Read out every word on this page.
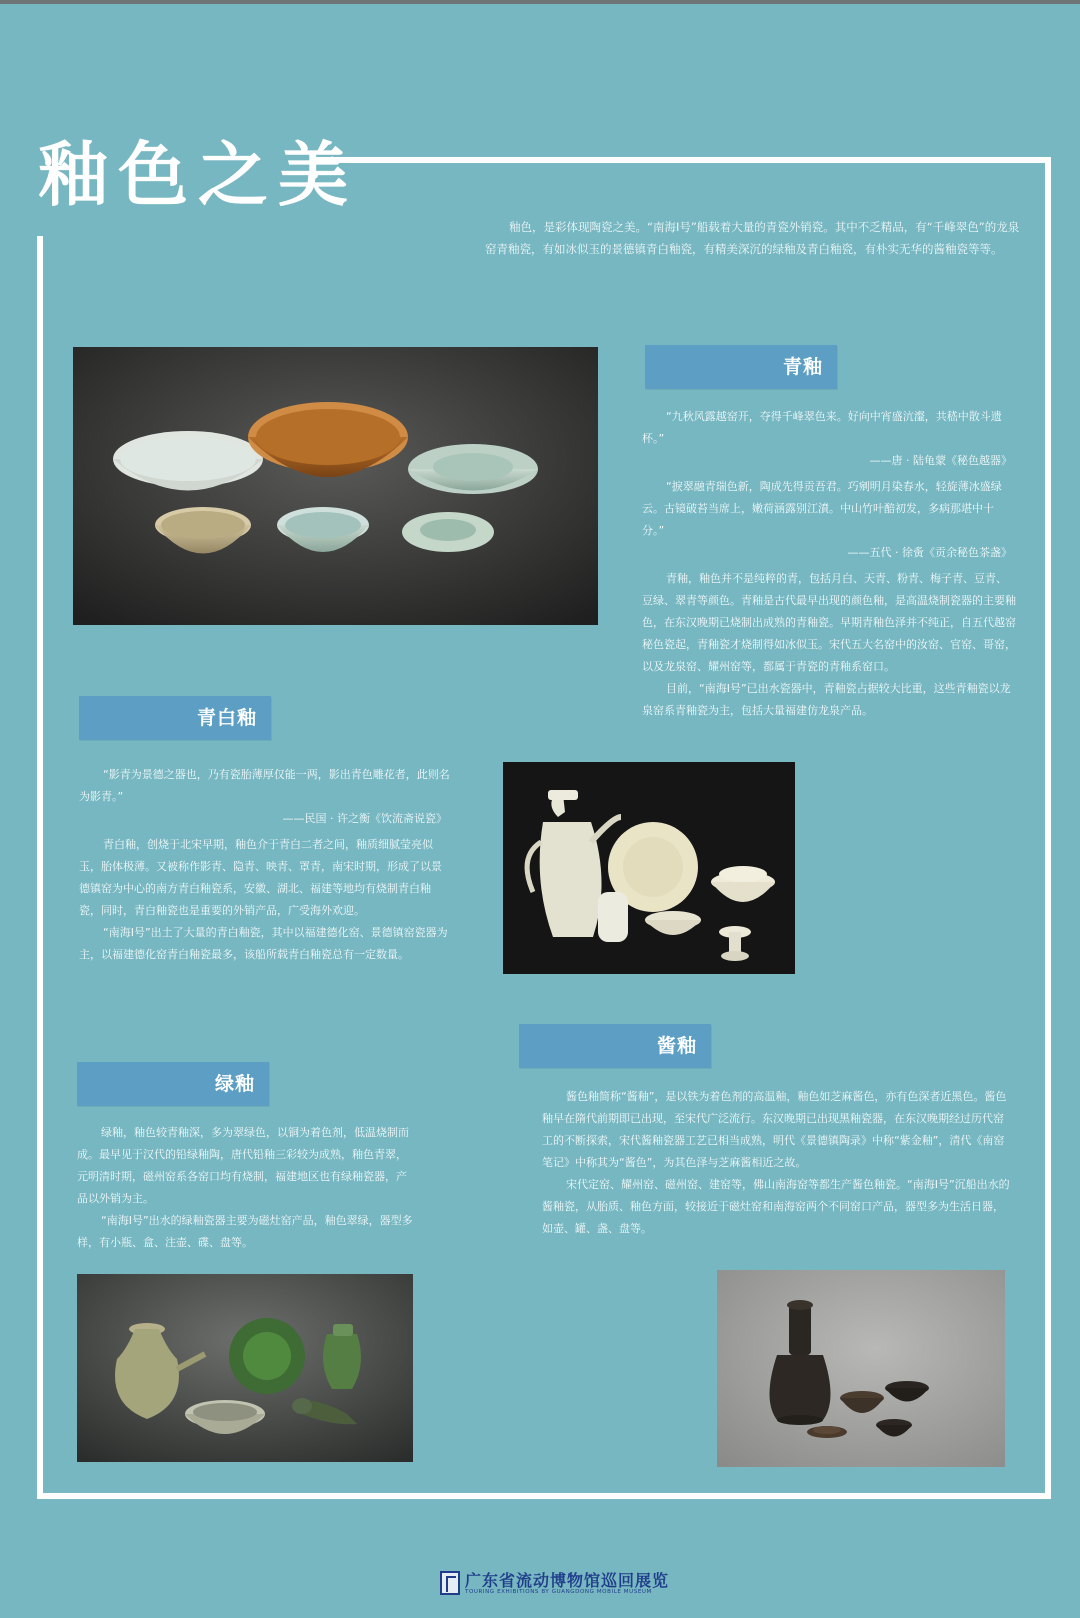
釉色之美

釉色，是彩体现陶瓷之美。“南海Ⅰ号”船载着大量的青瓷外销瓷。其中不乏精品，有“千峰翠色”的龙泉窑青釉瓷，有如冰似玉的景德镇青白釉瓷，有精美深沉的绿釉及青白釉瓷，有朴实无华的酱釉瓷等等。

青釉

“九秋风露越窑开，夺得千峰翠色来。好向中宵盛沆瀣，共嵇中散斗遗杯。”

——唐 · 陆龟蒙《秘色越器》

“捩翠融青瑞色新，陶成先得贡吾君。巧剜明月染春水，轻旋薄冰盛绿云。古镜破苔当席上，嫩荷涵露别江濆。中山竹叶醅初发，多病那堪中十分。”

——五代 · 徐夤《贡余秘色茶盏》

青釉，釉色并不是纯粹的青，包括月白、天青、粉青、梅子青、豆青、豆绿、翠青等颜色。青釉是古代最早出现的颜色釉，是高温烧制瓷器的主要釉色，在东汉晚期已烧制出成熟的青釉瓷。早期青釉色泽并不纯正，自五代越窑秘色瓷起，青釉瓷才烧制得如冰似玉。宋代五大名窑中的汝窑、官窑、哥窑，以及龙泉窑、耀州窑等，都属于青瓷的青釉系窑口。

目前，“南海Ⅰ号”已出水瓷器中，青釉瓷占据较大比重，这些青釉瓷以龙泉窑系青釉瓷为主，包括大量福建仿龙泉产品。

青白釉

“影青为景德之器也，乃有瓷胎薄厚仅能一两，影出青色雕花者，此则名为影青。”

——民国 · 许之衡《饮流斋说瓷》

青白釉，创烧于北宋早期，釉色介于青白二者之间，釉质细腻莹亮似玉，胎体极薄。又被称作影青、隐青、映青、罩青，南宋时期，形成了以景德镇窑为中心的南方青白釉瓷系，安徽、湖北、福建等地均有烧制青白釉瓷，同时，青白釉瓷也是重要的外销产品，广受海外欢迎。

“南海Ⅰ号”出土了大量的青白釉瓷，其中以福建德化窑、景德镇窑瓷器为主，以福建德化窑青白釉瓷最多，该船所载青白釉瓷总有一定数量。

绿釉

绿釉，釉色较青釉深，多为翠绿色，以铜为着色剂，低温烧制而成。最早见于汉代的铅绿釉陶，唐代铅釉三彩较为成熟，釉色青翠，元明清时期，磁州窑系各窑口均有烧制，福建地区也有绿釉瓷器，产品以外销为主。

“南海Ⅰ号”出水的绿釉瓷器主要为磁灶窑产品，釉色翠绿，器型多样，有小瓶、盒、注壶、碟、盘等。

酱釉

酱色釉简称“酱釉”，是以铁为着色剂的高温釉，釉色如芝麻酱色，亦有色深者近黑色。酱色釉早在隋代前期即已出现，至宋代广泛流行。东汉晚期已出现黑釉瓷器，在东汉晚期经过历代窑工的不断探索，宋代酱釉瓷器工艺已相当成熟，明代《景德镇陶录》中称“紫金釉”，清代《南窑笔记》中称其为“酱色”，为其色泽与芝麻酱相近之故。

宋代定窑、耀州窑、磁州窑、建窑等，佛山南海窑等都生产酱色釉瓷。“南海Ⅰ号”沉船出水的酱釉瓷，从胎质、釉色方面，较接近于磁灶窑和南海窑两个不同窑口产品，器型多为生活日器，如壶、罐、盏、盘等。

广东省流动博物馆巡回展览
TOURING EXHIBITIONS BY GUANGDONG MOBILE MUSEUM
